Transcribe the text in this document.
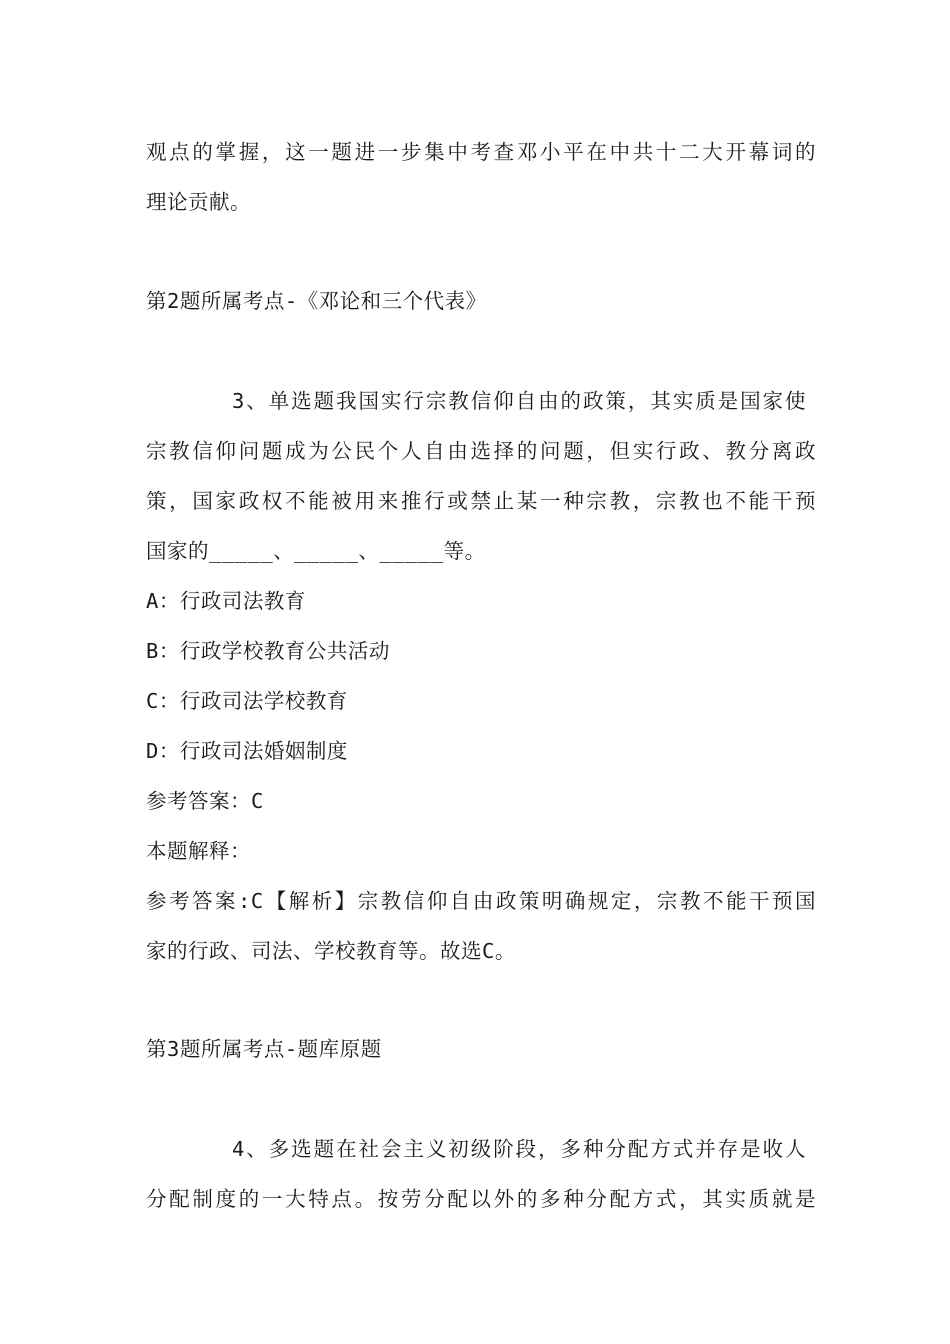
观点的掌握，这一题进一步集中考查邓小平在中共十二大开幕词的
理论贡献。
第2题所属考点-《邓论和三个代表》
3、单选题我国实行宗教信仰自由的政策，其实质是国家使
宗教信仰问题成为公民个人自由选择的问题，但实行政、教分离政
策，国家政权不能被用来推行或禁止某一种宗教，宗教也不能干预
国家的_____、_____、_____等。
A：行政司法教育
B：行政学校教育公共活动
C：行政司法学校教育
D：行政司法婚姻制度
参考答案：C
本题解释：
参考答案:C【解析】宗教信仰自由政策明确规定，宗教不能干预国
家的行政、司法、学校教育等。故选C。
第3题所属考点-题库原题
4、多选题在社会主义初级阶段，多种分配方式并存是收人
分配制度的一大特点。按劳分配以外的多种分配方式，其实质就是
